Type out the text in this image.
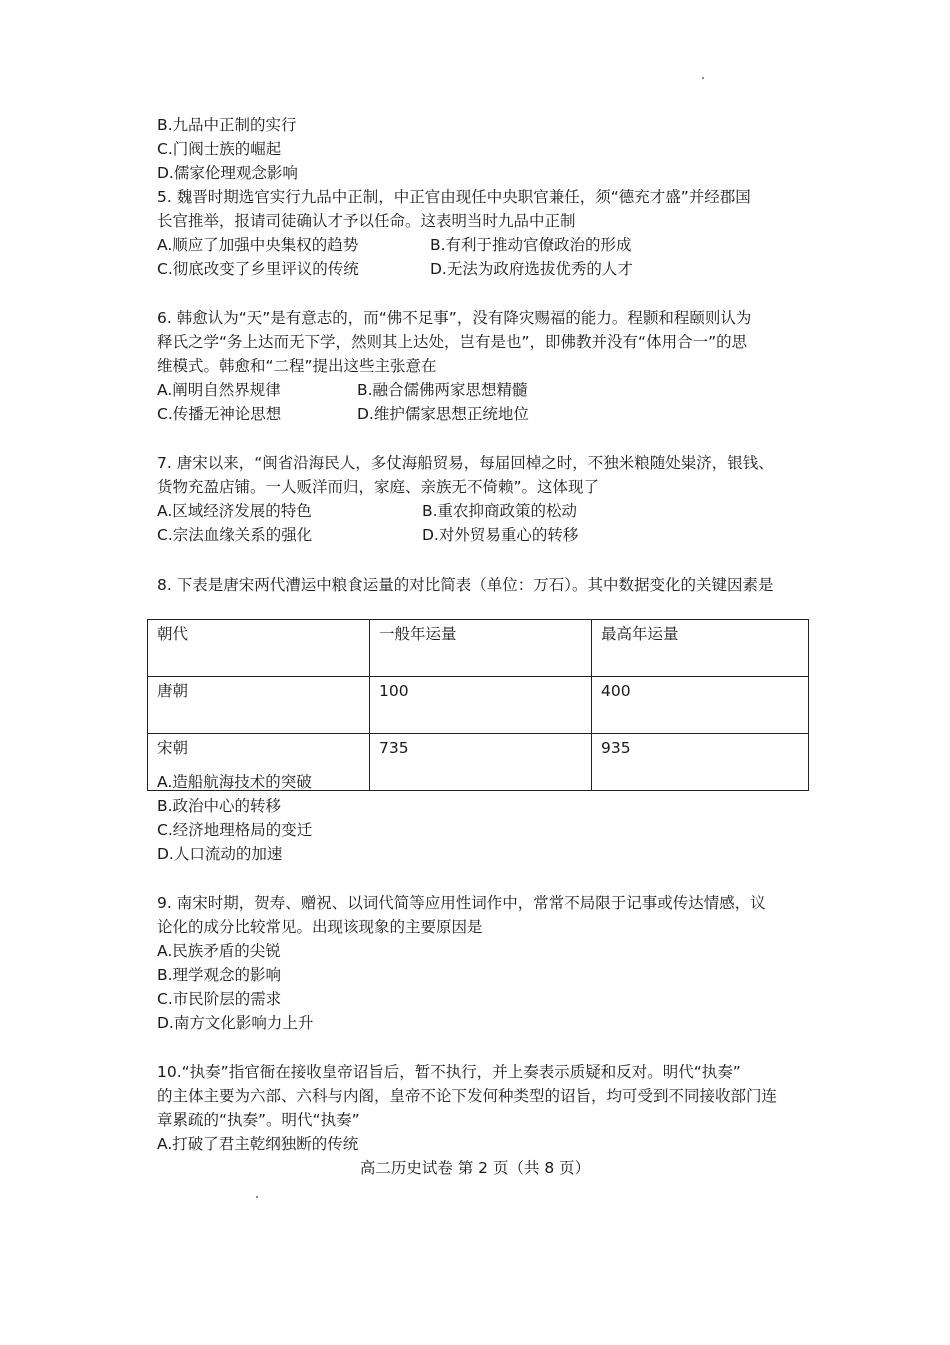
B.九品中正制的实行
C.门阀士族的崛起
D.儒家伦理观念影响
5. 魏晋时期选官实行九品中正制，中正官由现任中央职官兼任，须“德充才盛”并经郡国
长官推举，报请司徒确认才予以任命。这表明当时九品中正制
A.顺应了加强中央集权的趋势	B.有利于推动官僚政治的形成
C.彻底改变了乡里评议的传统	D.无法为政府选拔优秀的人才
6. 韩愈认为“天”是有意志的，而“佛不足事”，没有降灾赐福的能力。程颢和程颐则认为
释氏之学“务上达而无下学，然则其上达处，岂有是也”，即佛教并没有“体用合一”的思
维模式。韩愈和“二程”提出这些主张意在
A.阐明自然界规律	B.融合儒佛两家思想精髓
C.传播无神论思想	D.维护儒家思想正统地位
7. 唐宋以来，“闽省沿海民人，多仗海船贸易，每届回棹之时，不独米粮随处粜济，银钱、
货物充盈店铺。一人贩洋而归，家庭、亲族无不倚赖”。这体现了
A.区域经济发展的特色	B.重农抑商政策的松动
C.宗法血缘关系的强化	D.对外贸易重心的转移
8. 下表是唐宋两代漕运中粮食运量的对比简表（单位：万石）。其中数据变化的关键因素是
朝代	一般年运量	最高年运量
唐朝	100	400
宋朝	735	935
A.造船航海技术的突破
B.政治中心的转移
C.经济地理格局的变迁
D.人口流动的加速
9. 南宋时期，贺寿、赠祝、以词代简等应用性词作中，常常不局限于记事或传达情感，议
论化的成分比较常见。出现该现象的主要原因是
A.民族矛盾的尖锐
B.理学观念的影响
C.市民阶层的需求
D.南方文化影响力上升
10.“执奏”指官衙在接收皇帝诏旨后，暂不执行，并上奏表示质疑和反对。明代“执奏”
的主体主要为六部、六科与内阁，皇帝不论下发何种类型的诏旨，均可受到不同接收部门连
章累疏的“执奏”。明代“执奏”
A.打破了君主乾纲独断的传统
高二历史试卷 第 2 页（共 8 页）
